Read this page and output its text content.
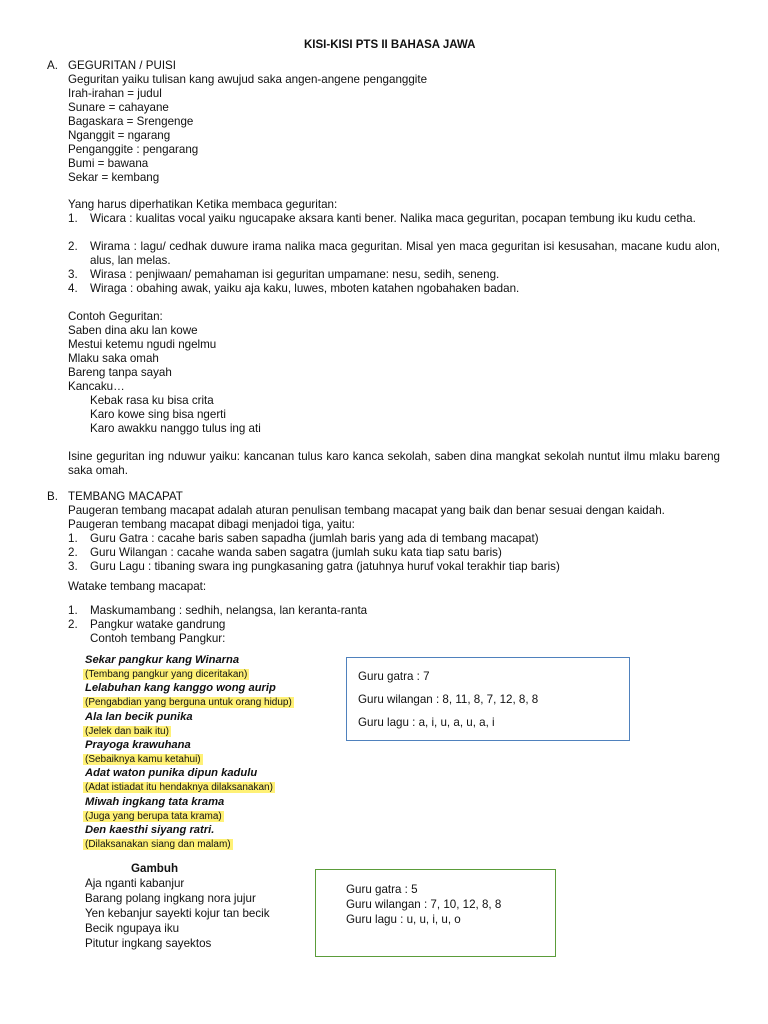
KISI-KISI PTS II BAHASA JAWA
A. GEGURITAN / PUISI
Geguritan yaiku tulisan kang awujud saka angen-angene penganggite
Irah-irahan = judul
Sunare = cahayane
Bagaskara = Srengenge
Nganggit = ngarang
Penganggite : pengarang
Bumi = bawana
Sekar = kembang
Yang harus diperhatikan Ketika membaca geguritan:
1. Wicara : kualitas vocal yaiku ngucapake aksara kanti bener. Nalika maca geguritan, pocapan tembung iku kudu cetha.
2. Wirama : lagu/ cedhak duwure irama nalika maca geguritan. Misal yen maca geguritan isi kesusahan, macane kudu alon, alus, lan melas.
3. Wirasa : penjiwaan/ pemahaman isi geguritan umpamane: nesu, sedih, seneng.
4. Wiraga : obahing awak, yaiku aja kaku, luwes, mboten katahen ngobahaken badan.
Contoh Geguritan:
Saben dina aku lan kowe
Mestui ketemu ngudi ngelmu
Mlaku saka omah
Bareng tanpa sayah
Kancaku…
Kebak rasa ku bisa crita
Karo kowe sing bisa ngerti
Karo awakku nanggo tulus ing ati
Isine geguritan ing nduwur yaiku: kancanan tulus karo kanca sekolah, saben dina mangkat sekolah nuntut ilmu mlaku bareng saka omah.
B. TEMBANG MACAPAT
Paugeran tembang macapat adalah aturan penulisan tembang macapat yang baik dan benar sesuai dengan kaidah.
Paugeran tembang macapat dibagi menjadoi tiga, yaitu:
1. Guru Gatra : cacahe baris saben sapadha (jumlah baris yang ada di tembang macapat)
2. Guru Wilangan : cacahe wanda saben sagatra (jumlah suku kata tiap satu baris)
3. Guru Lagu : tibaning swara ing pungkasaning gatra (jatuhnya huruf vokal terakhir tiap baris)
Watake tembang macapat:
1. Maskumambang : sedhih, nelangsa, lan keranta-ranta
2. Pangkur watake gandrung
Contoh tembang Pangkur:
Sekar pangkur kang Winarna
(Tembang pangkur yang diceritakan)
Lelabuhan kang kanggo wong aurip
(Pengabdian yang berguna untuk orang hidup)
Ala lan becik punika
(Jelek dan baik itu)
Prayoga krawuhana
(Sebaiknya kamu ketahui)
Adat waton punika dipun kadulu
(Adat istiadat itu hendaknya dilaksanakan)
Miwah ingkang tata krama
(Juga yang berupa tata krama)
Den kaesthi siyang ratri.
(Dilaksanakan siang dan malam)
Guru gatra : 7
Guru wilangan : 8, 11, 8, 7, 12, 8, 8
Guru lagu : a, i, u, a, u, a, i
Gambuh
Aja nganti kabanjur
Barang polang ingkang nora jujur
Yen kebanjur sayekti kojur tan becik
Becik ngupaya iku
Pitutur ingkang sayektos
Guru gatra : 5
Guru wilangan : 7, 10, 12, 8, 8
Guru lagu : u, u, i, u, o
